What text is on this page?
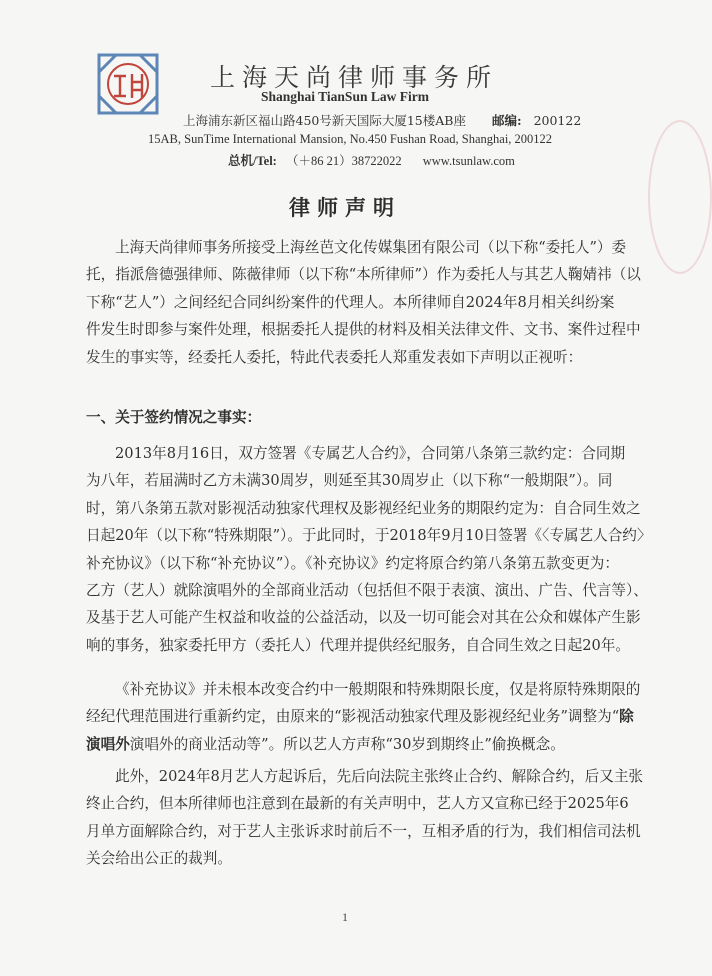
上海天尚律师事务所
Shanghai TianSun Law Firm
上海浦东新区福山路450号新天国际大厦15楼AB座 邮编: 200122
15AB, SunTime International Mansion, No.450 Fushan Road, Shanghai, 200122
总机/Tel: （＋86 21）38722022 www.tsunlaw.com
律师声明
上海天尚律师事务所接受上海丝芭文化传媒集团有限公司（以下称“委托人”）委
托，指派詹德强律师、陈薇律师（以下称“本所律师”）作为委托人与其艺人鞠婧祎（以
下称“艺人”）之间经纪合同纠纷案件的代理人。本所律师自2024年8月相关纠纷案
件发生时即参与案件处理，根据委托人提供的材料及相关法律文件、文书、案件过程中
发生的事实等，经委托人委托，特此代表委托人郑重发表如下声明以正视听：
一、关于签约情况之事实：
2013年8月16日，双方签署《专属艺人合约》，合同第八条第三款约定：合同期
为八年，若届满时乙方未满30周岁，则延至其30周岁止（以下称“一般期限”）。同
时，第八条第五款对影视活动独家代理权及影视经纪业务的期限约定为：自合同生效之
日起20年（以下称“特殊期限”）。于此同时，于2018年9月10日签署《〈专属艺人合约〉
补充协议》（以下称“补充协议”）。《补充协议》约定将原合约第八条第五款变更为：
乙方（艺人）就除演唱外的全部商业活动（包括但不限于表演、演出、广告、代言等）、
及基于艺人可能产生权益和收益的公益活动，以及一切可能会对其在公众和媒体产生影
响的事务，独家委托甲方（委托人）代理并提供经纪服务，自合同生效之日起20年。
《补充协议》并未根本改变合约中一般期限和特殊期限长度，仅是将原特殊期限的
经纪代理范围进行重新约定，由原来的“影视活动独家代理及影视经纪业务”调整为“除
演唱外演唱外的商业活动等”。所以艺人方声称“30岁到期终止”偷换概念。
此外，2024年8月艺人方起诉后，先后向法院主张终止合约、解除合约，后又主张
终止合约，但本所律师也注意到在最新的有关声明中，艺人方又宣称已经于2025年6
月单方面解除合约，对于艺人主张诉求时前后不一，互相矛盾的行为，我们相信司法机
关会给出公正的裁判。
1
